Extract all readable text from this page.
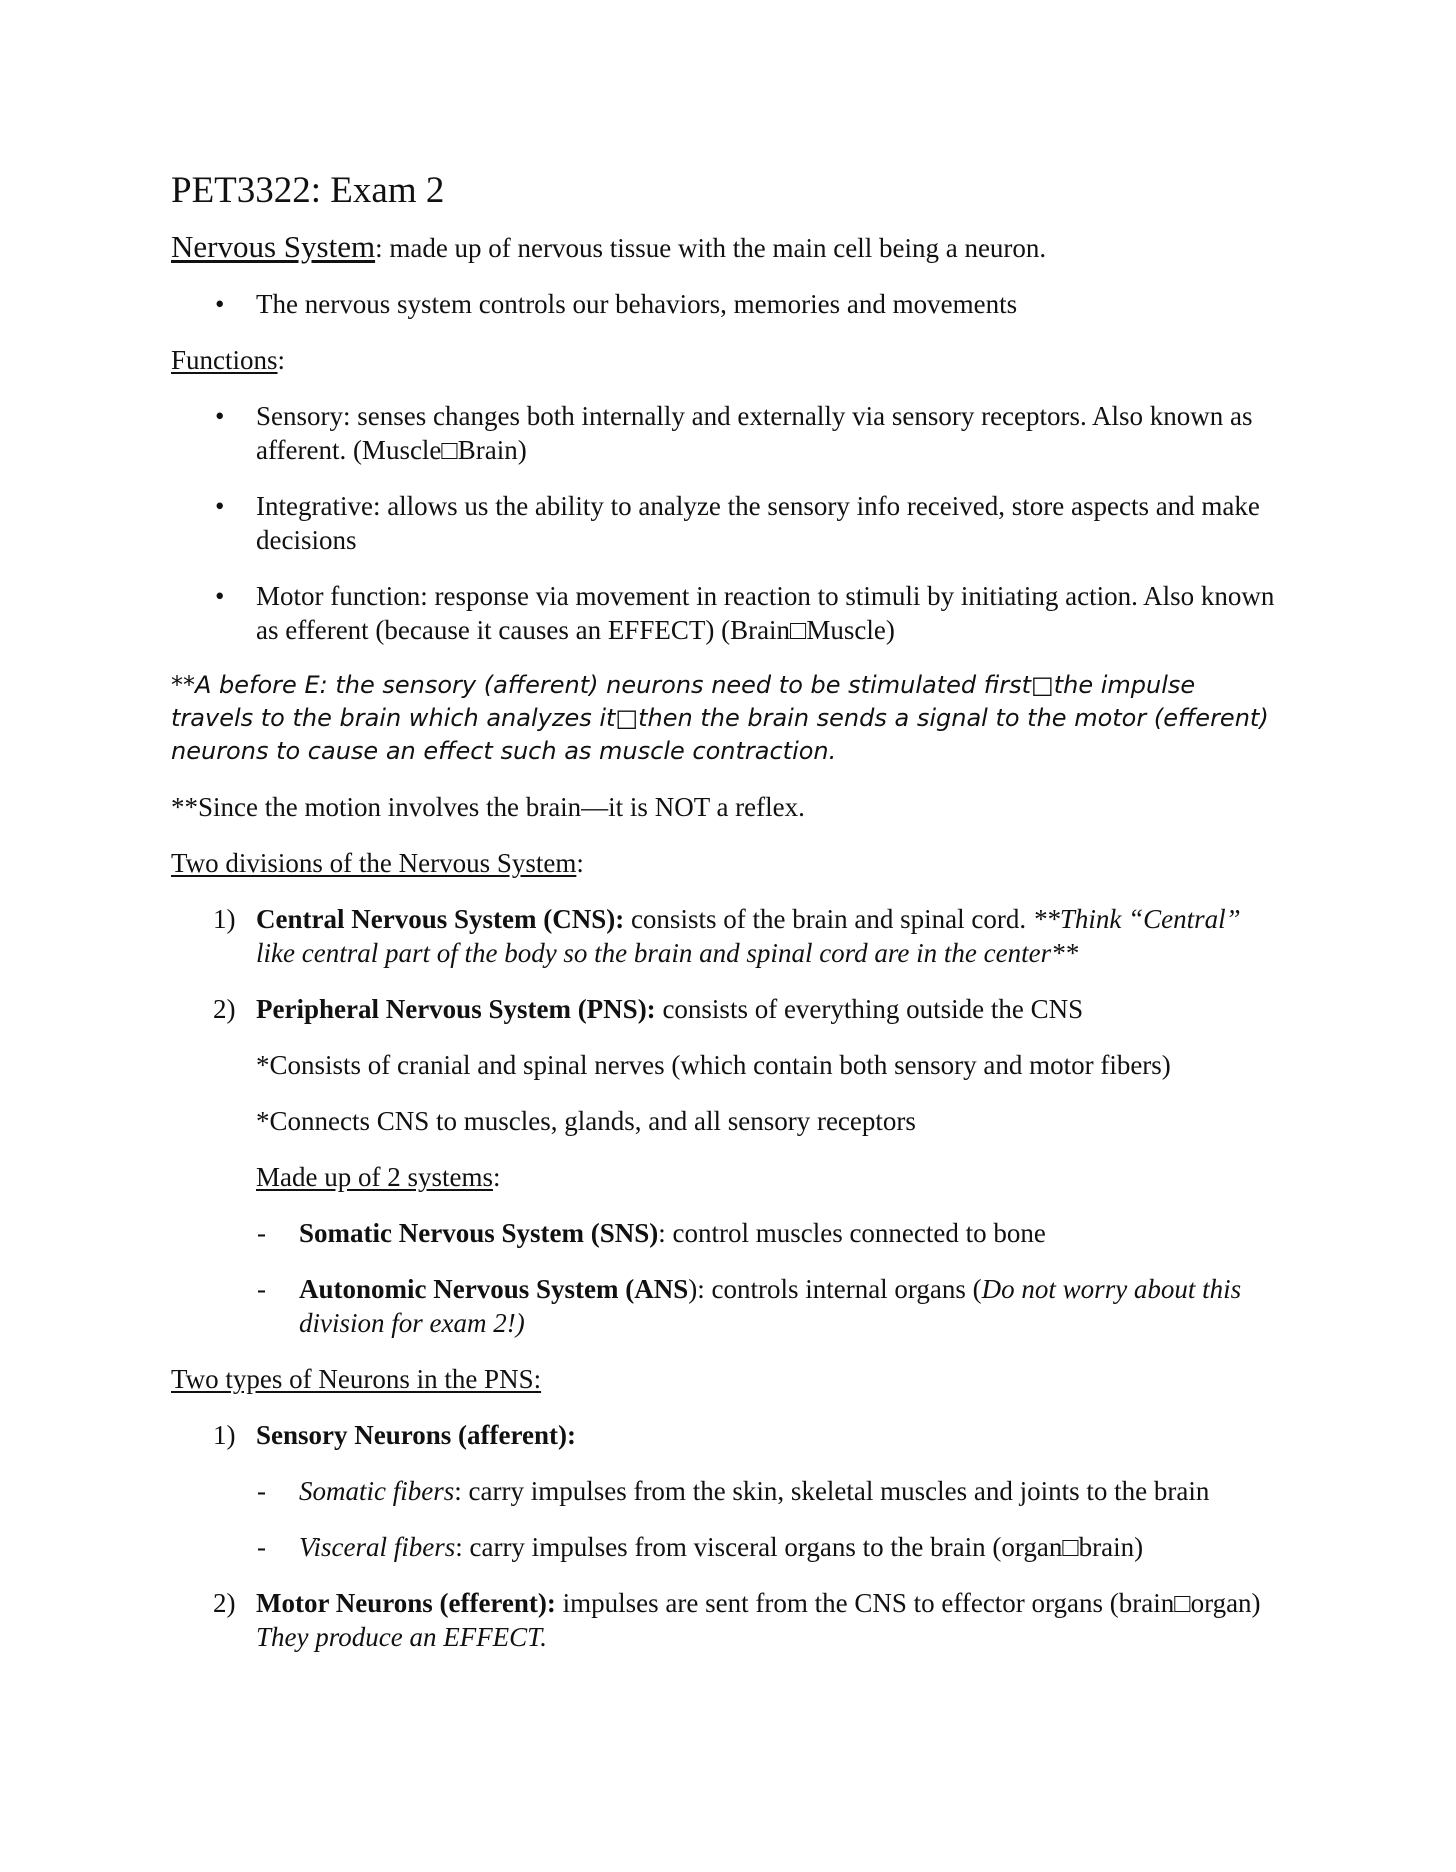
PET3322: Exam 2
Nervous System: made up of nervous tissue with the main cell being a neuron.
• The nervous system controls our behaviors, memories and movements
Functions:
• Sensory: senses changes both internally and externally via sensory receptors. Also known as afferent. (Muscle□Brain)
• Integrative: allows us the ability to analyze the sensory info received, store aspects and make decisions
• Motor function: response via movement in reaction to stimuli by initiating action. Also known as efferent (because it causes an EFFECT) (Brain□Muscle)
**A before E: the sensory (afferent) neurons need to be stimulated first□the impulse travels to the brain which analyzes it□then the brain sends a signal to the motor (efferent) neurons to cause an effect such as muscle contraction.
**Since the motion involves the brain—it is NOT a reflex.
Two divisions of the Nervous System:
1) Central Nervous System (CNS): consists of the brain and spinal cord. **Think “Central” like central part of the body so the brain and spinal cord are in the center**
2) Peripheral Nervous System (PNS): consists of everything outside the CNS
*Consists of cranial and spinal nerves (which contain both sensory and motor fibers)
*Connects CNS to muscles, glands, and all sensory receptors
Made up of 2 systems:
- Somatic Nervous System (SNS): control muscles connected to bone
- Autonomic Nervous System (ANS): controls internal organs (Do not worry about this division for exam 2!)
Two types of Neurons in the PNS:
1) Sensory Neurons (afferent):
- Somatic fibers: carry impulses from the skin, skeletal muscles and joints to the brain
- Visceral fibers: carry impulses from visceral organs to the brain (organ□brain)
2) Motor Neurons (efferent): impulses are sent from the CNS to effector organs (brain□organ) They produce an EFFECT.
